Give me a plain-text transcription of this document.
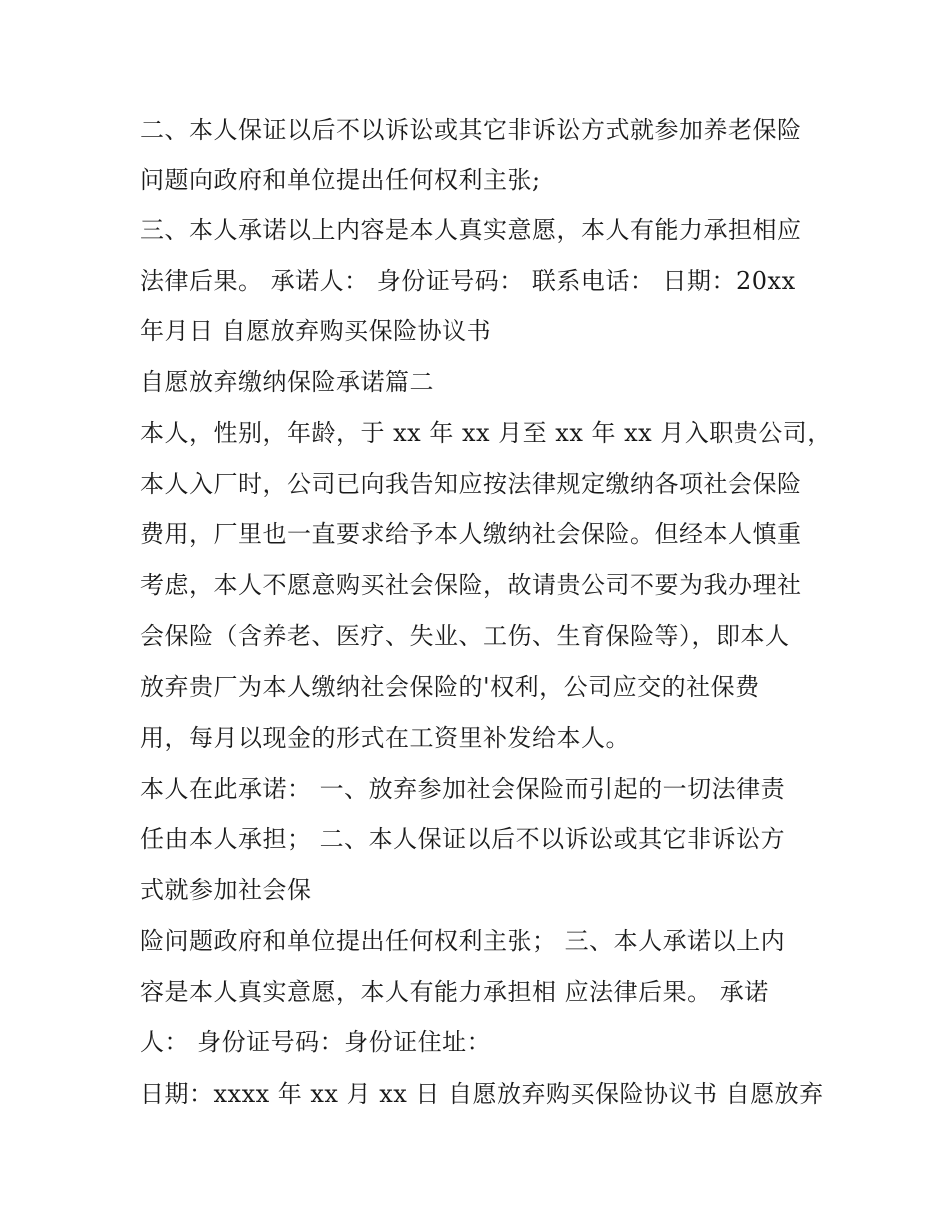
二、本人保证以后不以诉讼或其它非诉讼方式就参加养老保险
问题向政府和单位提出任何权利主张;
三、本人承诺以上内容是本人真实意愿，本人有能力承担相应
法律后果。 承诺人： 身份证号码： 联系电话： 日期：20xx
年月日 自愿放弃购买保险协议书
自愿放弃缴纳保险承诺篇二
本人，性别，年龄，于 xx 年 xx 月至 xx 年 xx 月入职贵公司，
本人入厂时，公司已向我告知应按法律规定缴纳各项社会保险
费用，厂里也一直要求给予本人缴纳社会保险。但经本人慎重
考虑，本人不愿意购买社会保险，故请贵公司不要为我办理社
会保险（含养老、医疗、失业、工伤、生育保险等），即本人
放弃贵厂为本人缴纳社会保险的'权利，公司应交的社保费
用，每月以现金的形式在工资里补发给本人。
本人在此承诺： 一、放弃参加社会保险而引起的一切法律责
任由本人承担； 二、本人保证以后不以诉讼或其它非诉讼方
式就参加社会保
险问题政府和单位提出任何权利主张； 三、本人承诺以上内
容是本人真实意愿，本人有能力承担相 应法律后果。 承诺
人： 身份证号码：身份证住址：
日期：xxxx 年 xx 月 xx 日 自愿放弃购买保险协议书 自愿放弃
